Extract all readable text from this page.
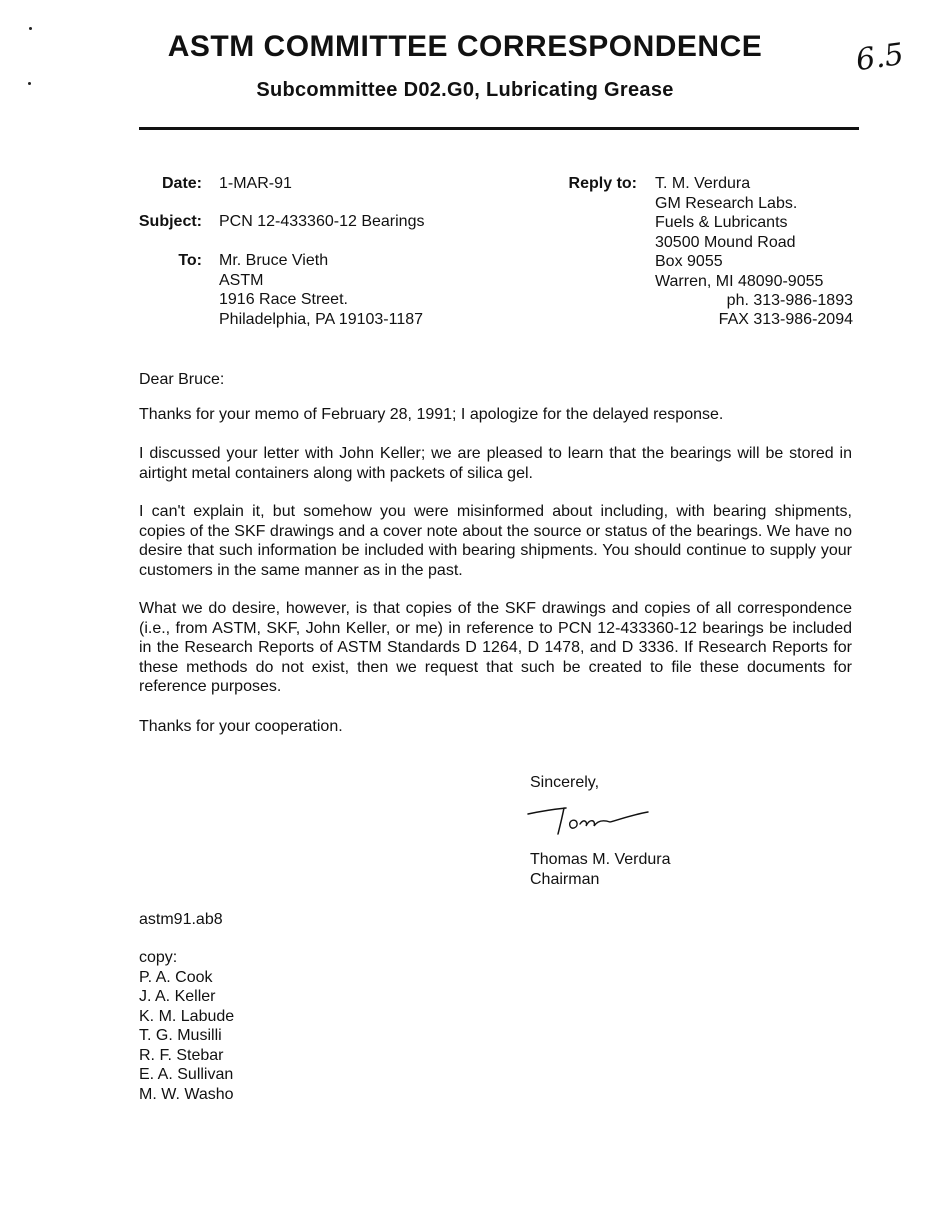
ASTM COMMITTEE CORRESPONDENCE
Subcommittee D02.G0, Lubricating Grease
6.5
Date: 1-MAR-91
Subject: PCN 12-433360-12 Bearings
To: Mr. Bruce Vieth
ASTM
1916 Race Street.
Philadelphia, PA 19103-1187
Reply to: T. M. Verdura
GM Research Labs.
Fuels & Lubricants
30500 Mound Road
Box 9055
Warren, MI 48090-9055
ph. 313-986-1893
FAX 313-986-2094
Dear Bruce:
Thanks for your memo of February 28, 1991; I apologize for the delayed response.
I discussed your letter with John Keller; we are pleased to learn that the bearings will be stored in airtight metal containers along with packets of silica gel.
I can't explain it, but somehow you were misinformed about including, with bearing shipments, copies of the SKF drawings and a cover note about the source or status of the bearings. We have no desire that such information be included with bearing shipments. You should continue to supply your customers in the same manner as in the past.
What we do desire, however, is that copies of the SKF drawings and copies of all correspondence (i.e., from ASTM, SKF, John Keller, or me) in reference to PCN 12-433360-12 bearings be included in the Research Reports of ASTM Standards D 1264, D 1478, and D 3336. If Research Reports for these methods do not exist, then we request that such be created to file these documents for reference purposes.
Thanks for your cooperation.
Sincerely,
Thomas M. Verdura
Chairman
astm91.ab8
copy:
P. A. Cook
J. A. Keller
K. M. Labude
T. G. Musilli
R. F. Stebar
E. A. Sullivan
M. W. Washo
